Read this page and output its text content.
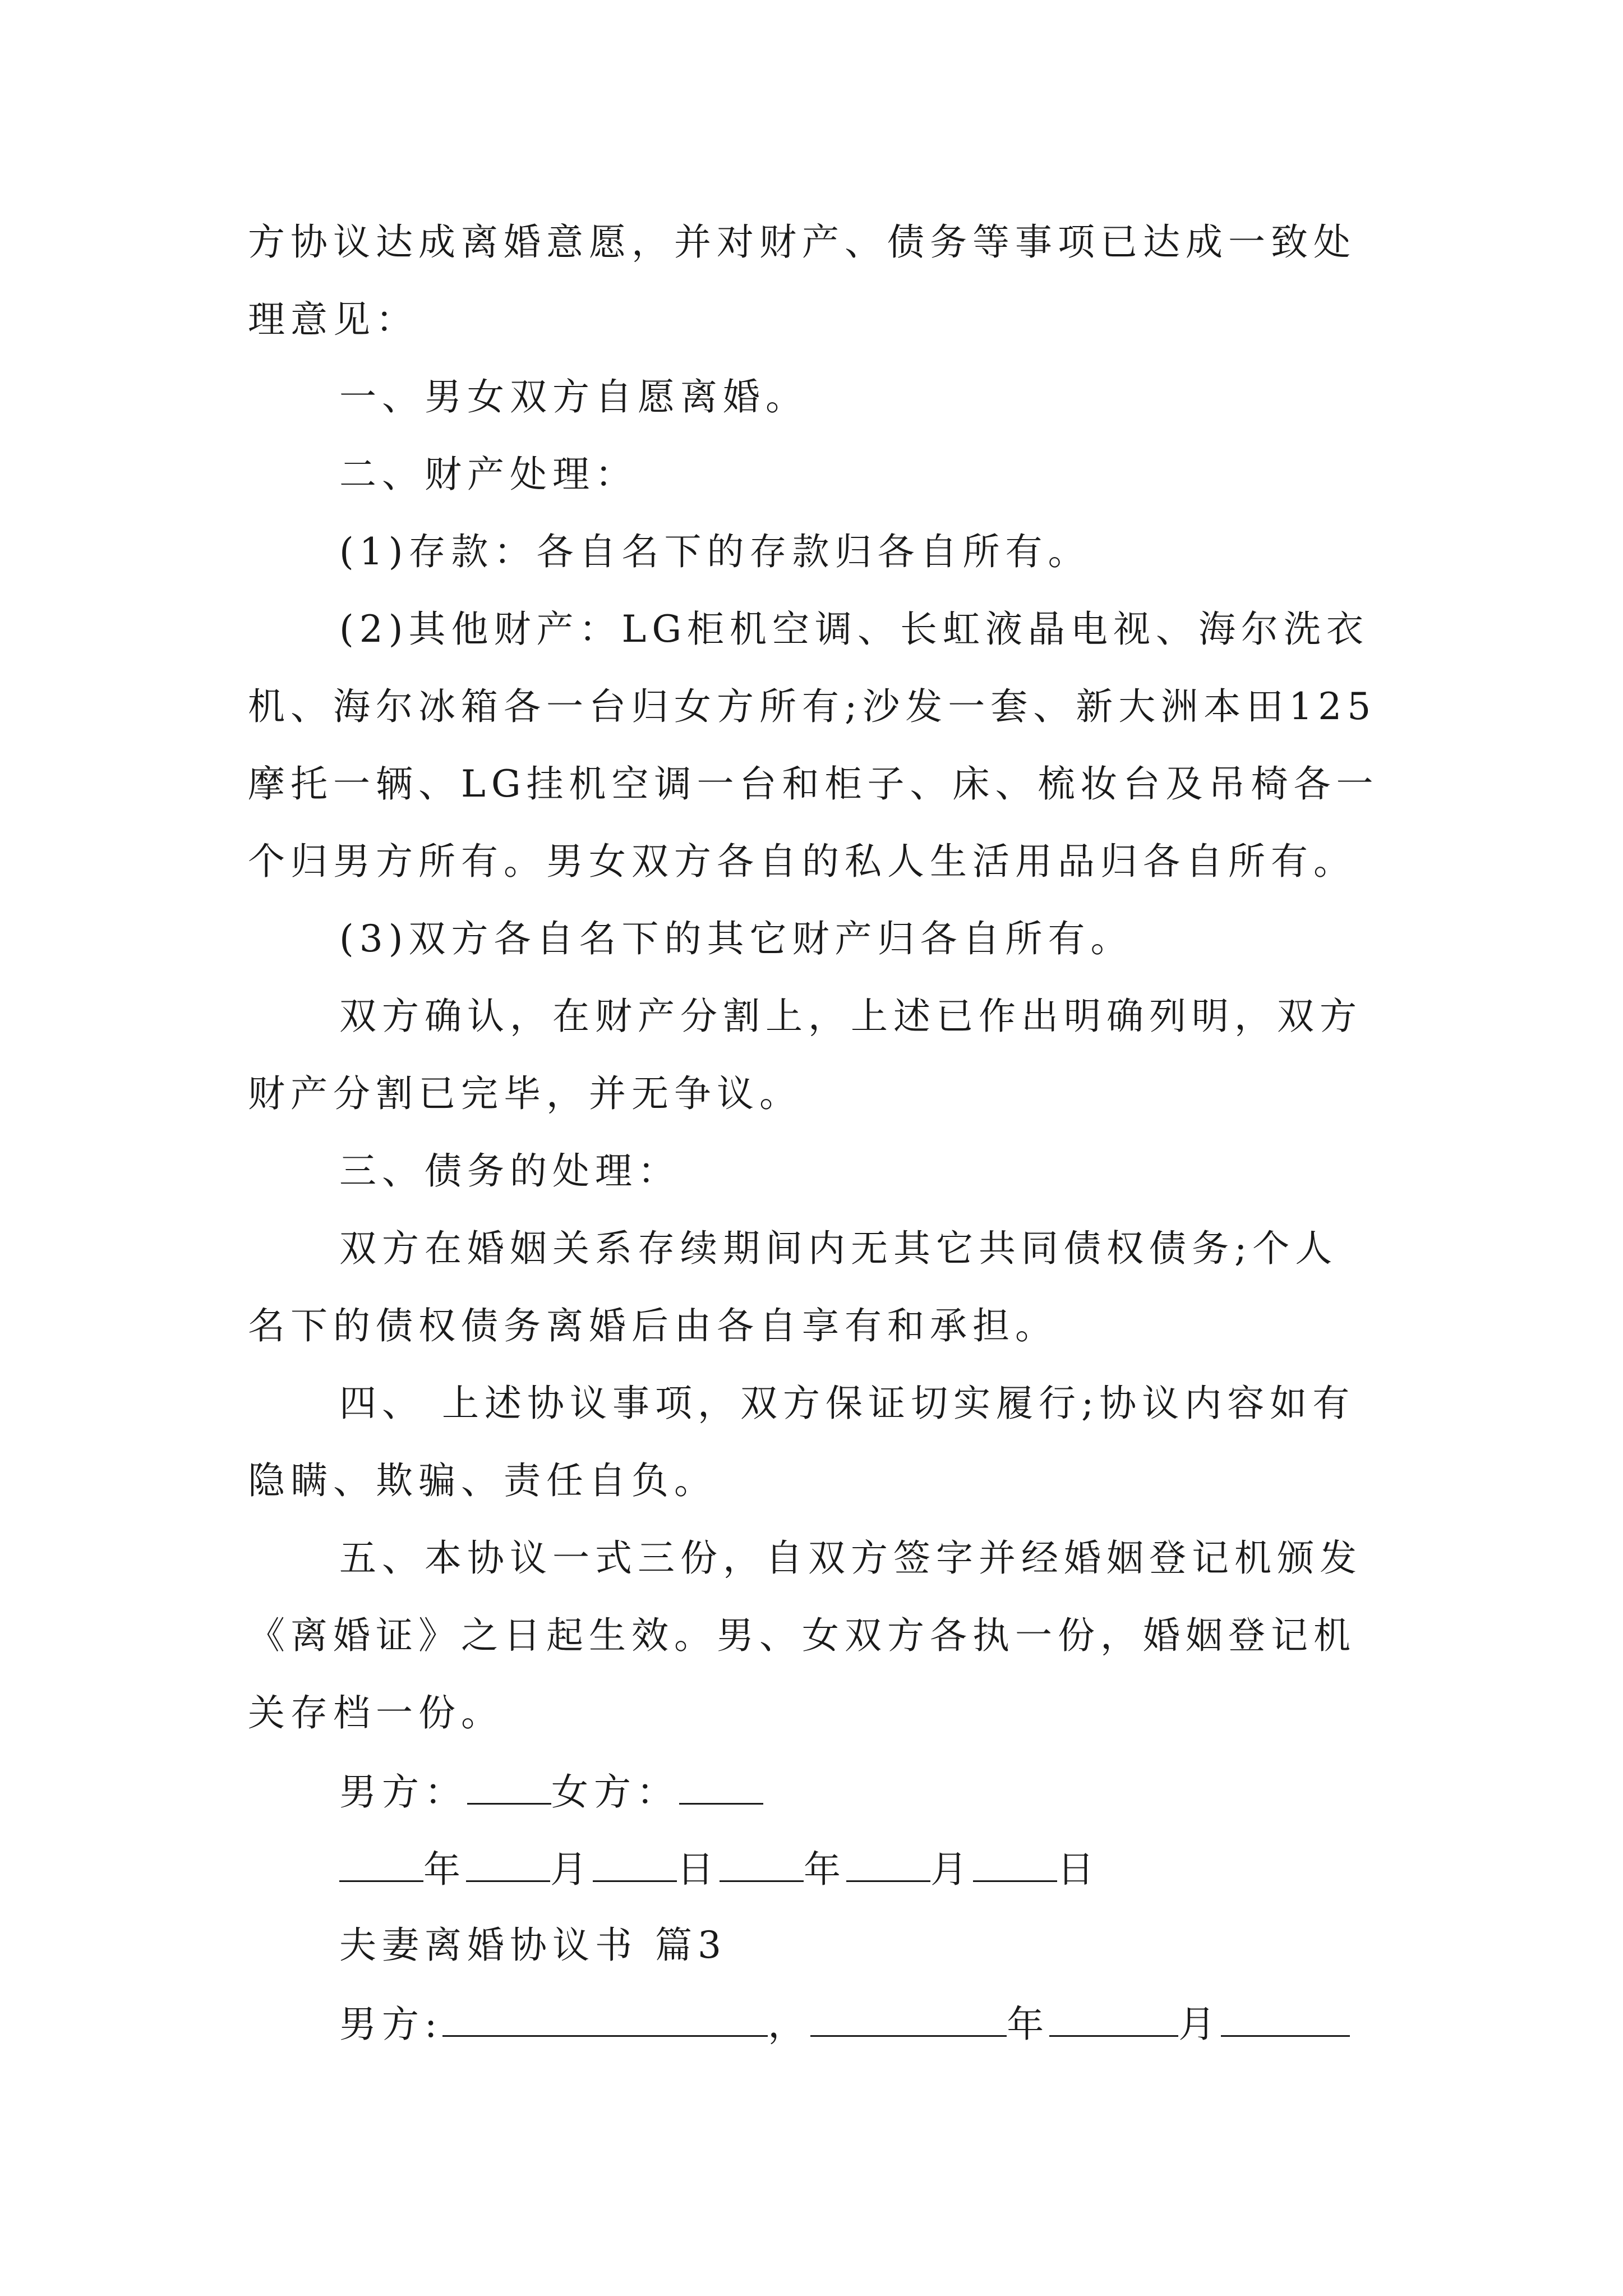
方协议达成离婚意愿，并对财产、债务等事项已达成一致处
理意见：
一、男女双方自愿离婚。
二、财产处理：
(1)存款：各自名下的存款归各自所有。
(2)其他财产：LG柜机空调、长虹液晶电视、海尔洗衣
机、海尔冰箱各一台归女方所有;沙发一套、新大洲本田125
摩托一辆、LG挂机空调一台和柜子、床、梳妆台及吊椅各一
个归男方所有。男女双方各自的私人生活用品归各自所有。
(3)双方各自名下的其它财产归各自所有。
双方确认，在财产分割上，上述已作出明确列明，双方
财产分割已完毕，并无争议。
三、债务的处理：
双方在婚姻关系存续期间内无其它共同债权债务;个人
名下的债权债务离婚后由各自享有和承担。
四、 上述协议事项，双方保证切实履行;协议内容如有
隐瞒、欺骗、责任自负。
五、本协议一式三份，自双方签字并经婚姻登记机颁发
《离婚证》之日起生效。男、女双方各执一份，婚姻登记机
关存档一份。
男方： 女方：
年 月 日 年 月 日
夫妻离婚协议书 篇3
男方:	，	年	月
